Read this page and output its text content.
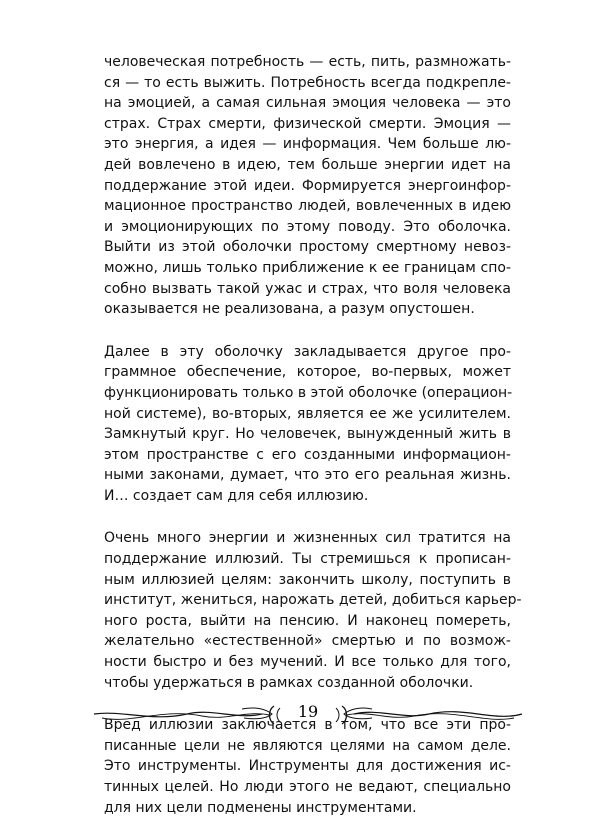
человеческая потребность — есть, пить, размножать-
ся — то есть выжить. Потребность всегда подкрепле-
на эмоцией, а самая сильная эмоция человека — это
страх. Страх смерти, физической смерти. Эмоция —
это энергия, а идея — информация. Чем больше лю-
дей вовлечено в идею, тем больше энергии идет на
поддержание этой идеи. Формируется энергоинфор-
мационное пространство людей, вовлеченных в идею
и эмоционирующих по этому поводу. Это оболочка.
Выйти из этой оболочки простому смертному невоз-
можно, лишь только приближение к ее границам спо-
собно вызвать такой ужас и страх, что воля человека
оказывается не реализована, а разум опустошен.
Далее в эту оболочку закладывается другое про-
граммное обеспечение, которое, во-первых, может
функционировать только в этой оболочке (операцион-
ной системе), во-вторых, является ее же усилителем.
Замкнутый круг. Но человечек, вынужденный жить в
этом пространстве с его созданными информацион-
ными законами, думает, что это его реальная жизнь.
И… создает сам для себя иллюзию.
Очень много энергии и жизненных сил тратится на
поддержание иллюзий. Ты стремишься к прописан-
ным иллюзией целям: закончить школу, поступить в
институт, жениться, нарожать детей, добиться карьер-
ного роста, выйти на пенсию. И наконец помереть,
желательно «естественной» смертью и по возмож-
ности быстро и без мучений. И все только для того,
чтобы удержаться в рамках созданной оболочки.
Вред иллюзии заключается в том, что все эти про-
писанные цели не являются целями на самом деле.
Это инструменты. Инструменты для достижения ис-
тинных целей. Но люди этого не ведают, специально
для них цели подменены инструментами.
19
